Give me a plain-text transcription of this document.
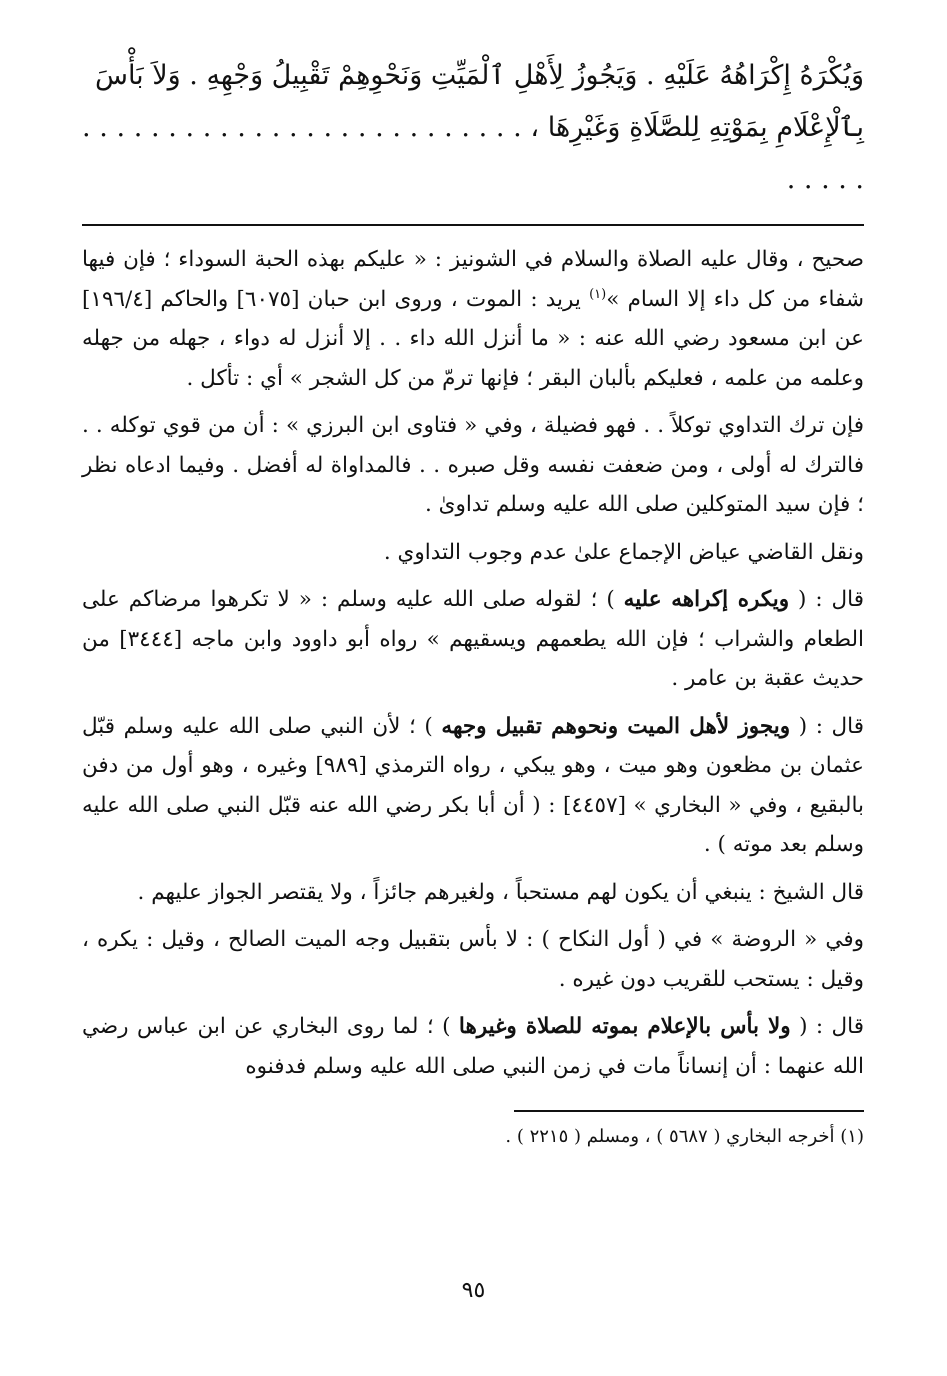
وَيُكْرَهُ إِكْرَاهُهُ عَلَيْهِ . وَيَجُوزُ لِأَهْلِ ٱلْمَيِّتِ وَنَحْوِهِمْ تَقْبِيلُ وَجْهِهِ . وَلاَ بَأْسَ
بِٱلْإِعْلَامِ بِمَوْتِهِ لِلصَّلَاةِ وَغَيْرِهَا ، . . . . . . . . . . . . . . . . . . . . . . . . . . . . . . .

صحيح ، وقال عليه الصلاة والسلام في الشونيز : « عليكم بهذه الحبة السوداء ؛ فإن فيها شفاء من كل داء إلا السام »$^{(١)}$ يريد : الموت ، وروى ابن حبان [٦٠٧٥] والحاكم [١٩٦/٤] عن ابن مسعود رضي الله عنه : « ما أنزل الله داء . . إلا أنزل له دواء ، جهله من جهله وعلمه من علمه ، فعليكم بألبان البقر ؛ فإنها ترمّ من كل الشجر » أي : تأكل .

فإن ترك التداوي توكلاً . . فهو فضيلة ، وفي « فتاوى ابن البرزي » : أن من قوي توكله . . فالترك له أولى ، ومن ضعفت نفسه وقل صبره . . فالمداواة له أفضل . وفيما ادعاه نظر ؛ فإن سيد المتوكلين صلى الله عليه وسلم تداوىٰ .

ونقل القاضي عياض الإجماع علىٰ عدم وجوب التداوي .

قال : ( ويكره إكراهه عليه ) ؛ لقوله صلى الله عليه وسلم : « لا تكرهوا مرضاكم على الطعام والشراب ؛ فإن الله يطعمهم ويسقيهم » رواه أبو داوود وابن ماجه [٣٤٤٤] من حديث عقبة بن عامر .

قال : ( ويجوز لأهل الميت ونحوهم تقبيل وجهه ) ؛ لأن النبي صلى الله عليه وسلم قبّل عثمان بن مظعون وهو ميت ، وهو يبكي ، رواه الترمذي [٩٨٩] وغيره ، وهو أول من دفن بالبقيع ، وفي « البخاري » [٤٤٥٧] : ( أن أبا بكر رضي الله عنه قبّل النبي صلى الله عليه وسلم بعد موته ) .

قال الشيخ : ينبغي أن يكون لهم مستحباً ، ولغيرهم جائزاً ، ولا يقتصر الجواز عليهم .

وفي « الروضة » في ( أول النكاح ) : لا بأس بتقبيل وجه الميت الصالح ، وقيل : يكره ، وقيل : يستحب للقريب دون غيره .

قال : ( ولا بأس بالإعلام بموته للصلاة وغيرها ) ؛ لما روى البخاري عن ابن عباس رضي الله عنهما : أن إنساناً مات في زمن النبي صلى الله عليه وسلم فدفنوه

(١) أخرجه البخاري ( ٥٦٨٧ ) ، ومسلم ( ٢٢١٥ ) .

٩٥
